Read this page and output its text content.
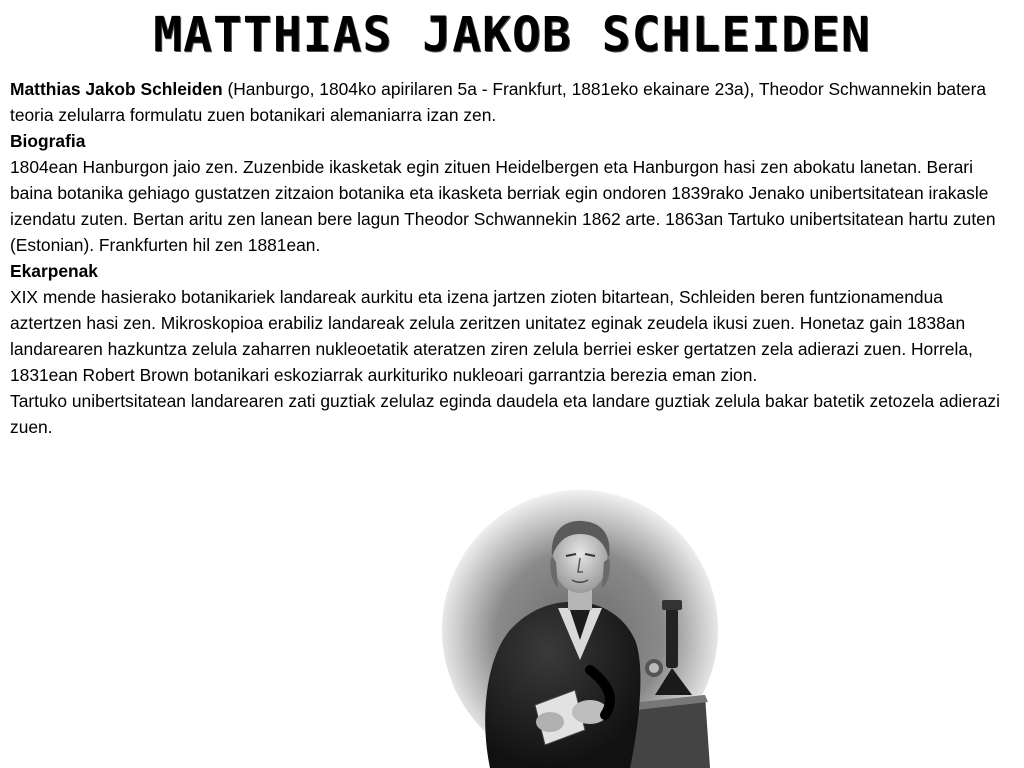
MATTHIAS JAKOB SCHLEIDEN

Matthias Jakob Schleiden (Hanburgo, 1804ko apirilaren 5a - Frankfurt, 1881eko ekainare 23a), Theodor Schwannekin batera teoria zelularra formulatu zuen botanikari alemaniarra izan zen.

Biografia

1804ean Hanburgon jaio zen. Zuzenbide ikasketak egin zituen Heidelbergen eta Hanburgon hasi zen abokatu lanetan. Berari baina botanika gehiago gustatzen zitzaion botanika eta ikasketa berriak egin ondoren 1839rako Jenako unibertsitatean irakasle izendatu zuten. Bertan aritu zen lanean bere lagun Theodor Schwannekin 1862 arte. 1863an Tartuko unibertsitatean hartu zuten (Estonian). Frankfurten hil zen 1881ean.

Ekarpenak

XIX mende hasierako botanikariek landareak aurkitu eta izena jartzen zioten bitartean, Schleiden beren funtzionamendua aztertzen hasi zen. Mikroskopioa erabiliz landareak zelula zeritzen unitatez eginak zeudela ikusi zuen. Honetaz gain 1838an landarearen hazkuntza zelula zaharren nukleoetatik ateratzen ziren zelula berriei esker gertatzen zela adierazi zuen. Horrela, 1831ean Robert Brown botanikari eskoziarrak aurkituriko nukleoari garrantzia berezia eman zion.

Tartuko unibertsitatean landarearen zati guztiak zelulaz eginda daudela eta landare guztiak zelula bakar batetik zetozela adierazi zuen.
